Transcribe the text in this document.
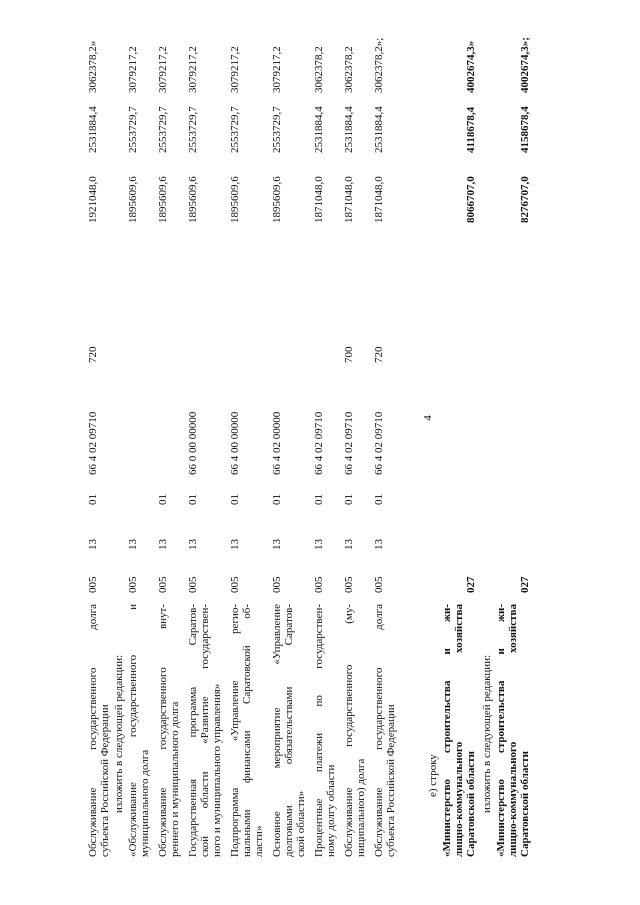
4
Обслуживание государственного долга субъекта Российской Федерации
005
13
01
66 4 02 09710
720
1921048,0
2531884,4
3062378,2»
изложить в следующей редакции: «Обслуживание государственного и муниципального долга
005
13
1895609,6
2553729,7
3079217,2
Обслуживание государственного внут- реннего и муниципального долга
005
13
01
1895609,6
2553729,7
3079217,2
Государственная программа Саратов- ской области «Развитие государствен- ного и муниципального управления»
005
13
01
66 0 00 00000
1895609,6
2553729,7
3079217,2
Подпрограмма «Управление регио- нальными финансами Саратовской об- ласти»
005
13
01
66 4 00 00000
1895609,6
2553729,7
3079217,2
Основное мероприятие «Управление долговыми обязательствами Саратов- ской области»
005
13
01
66 4 02 00000
1895609,6
2553729,7
3079217,2
Процентные платежи по государствен- ному долгу области
005
13
01
66 4 02 09710
1871048,0
2531884,4
3062378,2
Обслуживание государственного (му- ниципального) долга
005
13
01
66 4 02 09710
700
1871048,0
2531884,4
3062378,2
Обслуживание государственного долга субъекта Российской Федерации
005
13
01
66 4 02 09710
720
1871048,0
2531884,4
3062378,2»;
е) строку «Министерство строительства и жи- лищно-коммунального хозяйства Саратовской области
027
8066707,0
4118678,4
4002674,3»
изложить в следующей редакции: «Министерство строительства и жи- лищно-коммунального хозяйства Саратовской области
027
8276707,0
4158678,4
4002674,3»;
